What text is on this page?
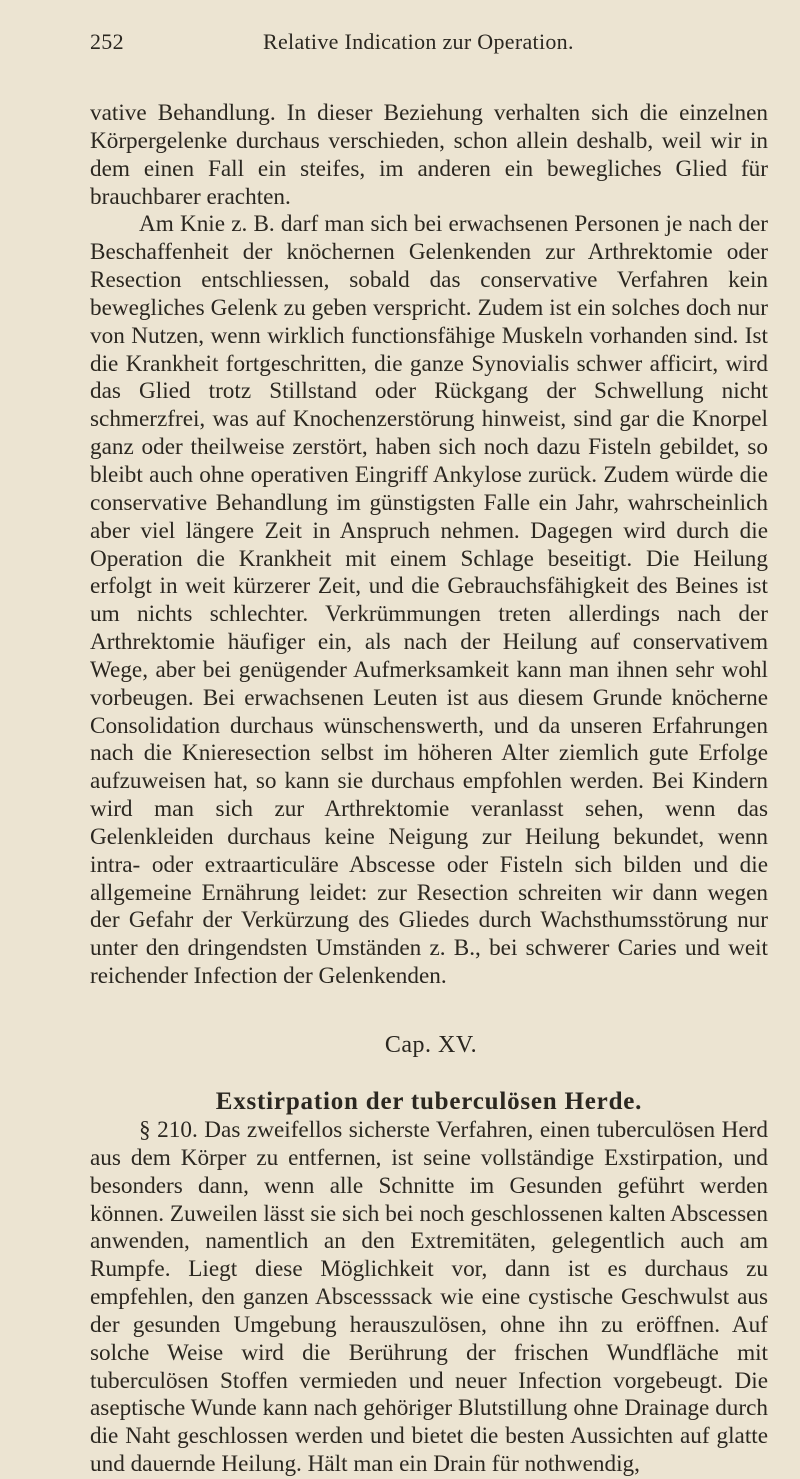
252	Relative Indication zur Operation.

vative Behandlung. In dieser Beziehung verhalten sich die einzelnen Körpergelenke durchaus verschieden, schon allein deshalb, weil wir in dem einen Fall ein steifes, im anderen ein bewegliches Glied für brauchbarer erachten.

Am Knie z. B. darf man sich bei erwachsenen Personen je nach der Beschaffenheit der knöchernen Gelenkenden zur Arthrektomie oder Resection entschliessen, sobald das conservative Verfahren kein bewegliches Gelenk zu geben verspricht. Zudem ist ein solches doch nur von Nutzen, wenn wirklich functionsfähige Muskeln vorhanden sind. Ist die Krankheit fortgeschritten, die ganze Synovialis schwer afficirt, wird das Glied trotz Stillstand oder Rückgang der Schwellung nicht schmerzfrei, was auf Knochenzerstörung hinweist, sind gar die Knorpel ganz oder theilweise zerstört, haben sich noch dazu Fisteln gebildet, so bleibt auch ohne operativen Eingriff Ankylose zurück. Zudem würde die conservative Behandlung im günstigsten Falle ein Jahr, wahrscheinlich aber viel längere Zeit in Anspruch nehmen. Dagegen wird durch die Operation die Krankheit mit einem Schlage beseitigt. Die Heilung erfolgt in weit kürzerer Zeit, und die Gebrauchsfähigkeit des Beines ist um nichts schlechter. Verkrümmungen treten allerdings nach der Arthrektomie häufiger ein, als nach der Heilung auf conservativem Wege, aber bei genügender Aufmerksamkeit kann man ihnen sehr wohl vorbeugen. Bei erwachsenen Leuten ist aus diesem Grunde knöcherne Consolidation durchaus wünschenswerth, und da unseren Erfahrungen nach die Knieresection selbst im höheren Alter ziemlich gute Erfolge aufzuweisen hat, so kann sie durchaus empfohlen werden. Bei Kindern wird man sich zur Arthrektomie veranlasst sehen, wenn das Gelenkleiden durchaus keine Neigung zur Heilung bekundet, wenn intra- oder extraarticuläre Abscesse oder Fisteln sich bilden und die allgemeine Ernährung leidet: zur Resection schreiten wir dann wegen der Gefahr der Verkürzung des Gliedes durch Wachsthumsstörung nur unter den dringendsten Umständen z. B., bei schwerer Caries und weit reichender Infection der Gelenkenden.

Cap. XV.
Exstirpation der tuberculösen Herde.

§ 210. Das zweifellos sicherste Verfahren, einen tuberculösen Herd aus dem Körper zu entfernen, ist seine vollständige Exstirpation, und besonders dann, wenn alle Schnitte im Gesunden geführt werden können. Zuweilen lässt sie sich bei noch geschlossenen kalten Abscessen anwenden, namentlich an den Extremitäten, gelegentlich auch am Rumpfe. Liegt diese Möglichkeit vor, dann ist es durchaus zu empfehlen, den ganzen Abscesssack wie eine cystische Geschwulst aus der gesunden Umgebung herauszulösen, ohne ihn zu eröffnen. Auf solche Weise wird die Berührung der frischen Wundfläche mit tuberculösen Stoffen vermieden und neuer Infection vorgebeugt. Die aseptische Wunde kann nach gehöriger Blutstillung ohne Drainage durch die Naht geschlossen werden und bietet die besten Aussichten auf glatte und dauernde Heilung. Hält man ein Drain für nothwendig,
